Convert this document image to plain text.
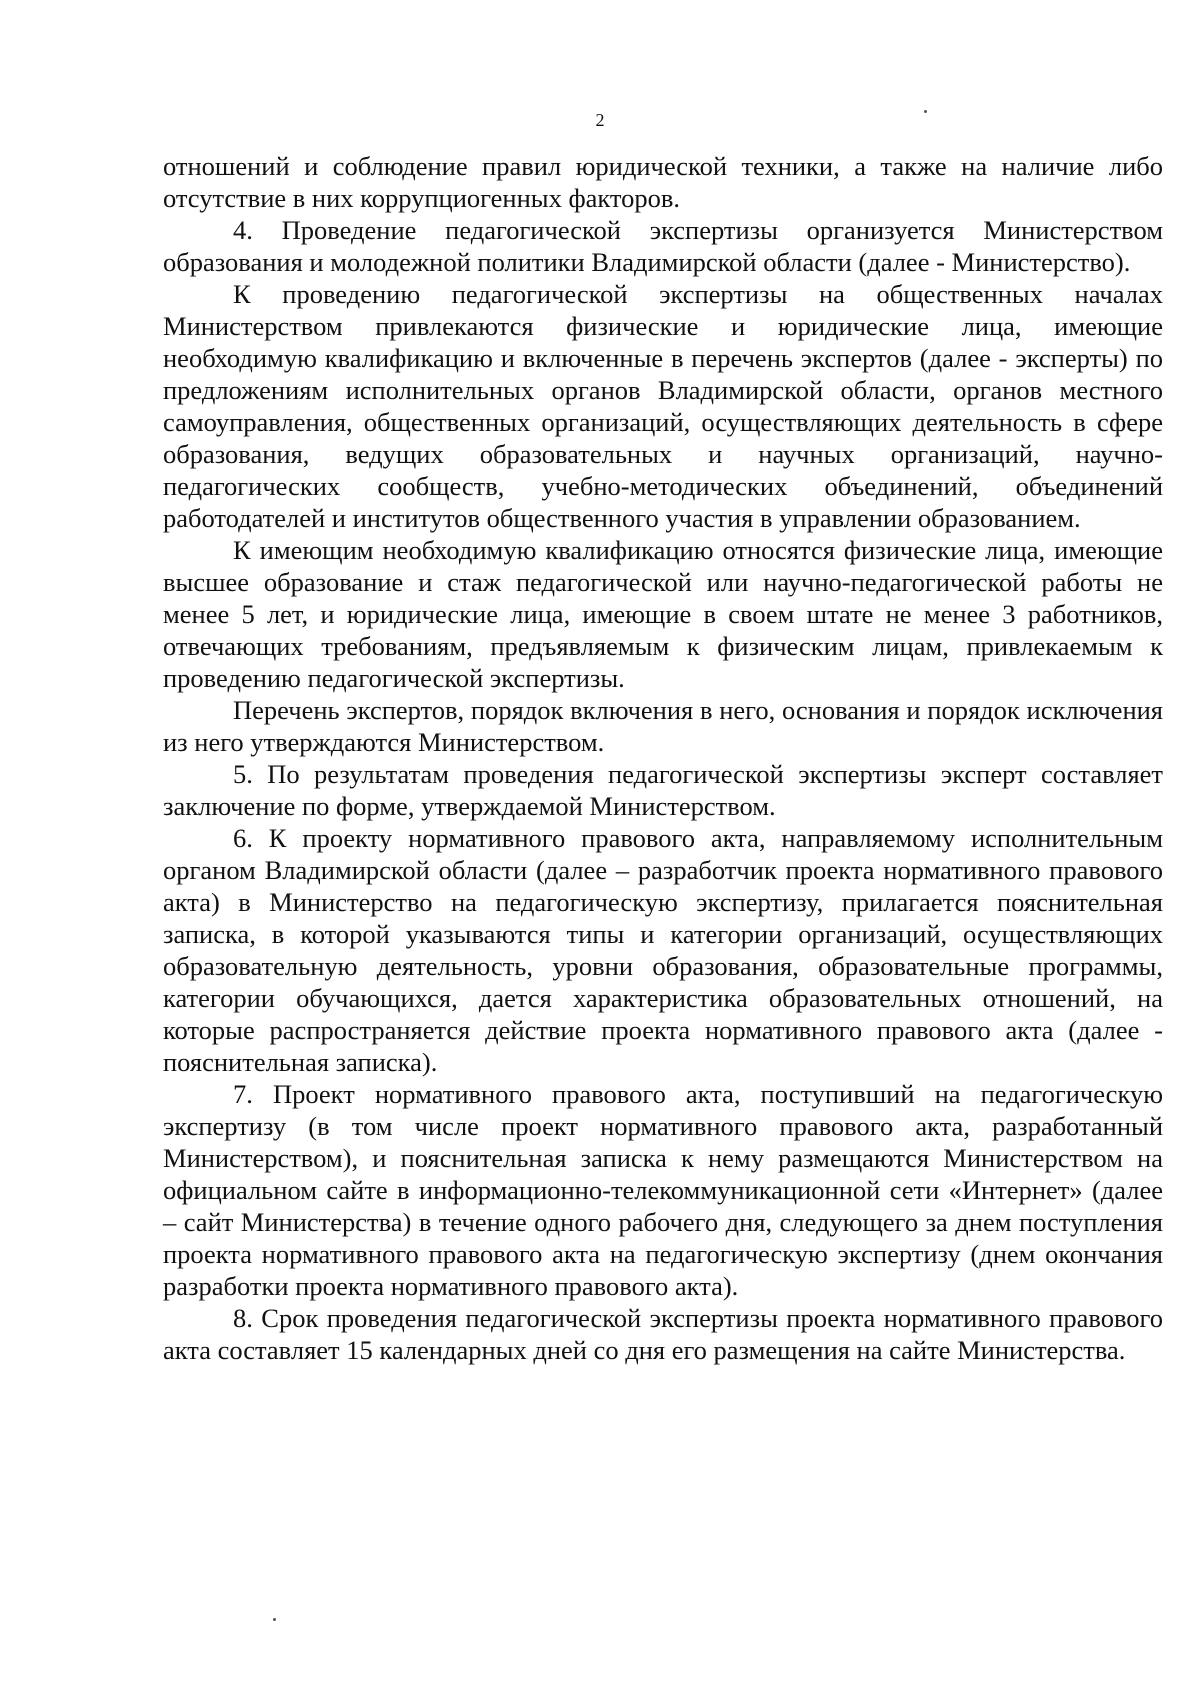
2

отношений и соблюдение правил юридической техники, а также на наличие либо отсутствие в них коррупциогенных факторов.

4. Проведение педагогической экспертизы организуется Министерством образования и молодежной политики Владимирской области (далее - Министерство).

К проведению педагогической экспертизы на общественных началах Министерством привлекаются физические и юридические лица, имеющие необходимую квалификацию и включенные в перечень экспертов (далее - эксперты) по предложениям исполнительных органов Владимирской области, органов местного самоуправления, общественных организаций, осуществляющих деятельность в сфере образования, ведущих образовательных и научных организаций, научно-педагогических сообществ, учебно-методических объединений, объединений работодателей и институтов общественного участия в управлении образованием.

К имеющим необходимую квалификацию относятся физические лица, имеющие высшее образование и стаж педагогической или научно-педагогической работы не менее 5 лет, и юридические лица, имеющие в своем штате не менее 3 работников, отвечающих требованиям, предъявляемым к физическим лицам, привлекаемым к проведению педагогической экспертизы.

Перечень экспертов, порядок включения в него, основания и порядок исключения из него утверждаются Министерством.

5. По результатам проведения педагогической экспертизы эксперт составляет заключение по форме, утверждаемой Министерством.

6. К проекту нормативного правового акта, направляемому исполнительным органом Владимирской области (далее – разработчик проекта нормативного правового акта) в Министерство на педагогическую экспертизу, прилагается пояснительная записка, в которой указываются типы и категории организаций, осуществляющих образовательную деятельность, уровни образования, образовательные программы, категории обучающихся, дается характеристика образовательных отношений, на которые распространяется действие проекта нормативного правового акта (далее - пояснительная записка).

7. Проект нормативного правового акта, поступивший на педагогическую экспертизу (в том числе проект нормативного правового акта, разработанный Министерством), и пояснительная записка к нему размещаются Министерством на официальном сайте в информационно-телекоммуникационной сети «Интернет» (далее – сайт Министерства) в течение одного рабочего дня, следующего за днем поступления проекта нормативного правового акта на педагогическую экспертизу (днем окончания разработки проекта нормативного правового акта).

8. Срок проведения педагогической экспертизы проекта нормативного правового акта составляет 15 календарных дней со дня его размещения на сайте Министерства.
